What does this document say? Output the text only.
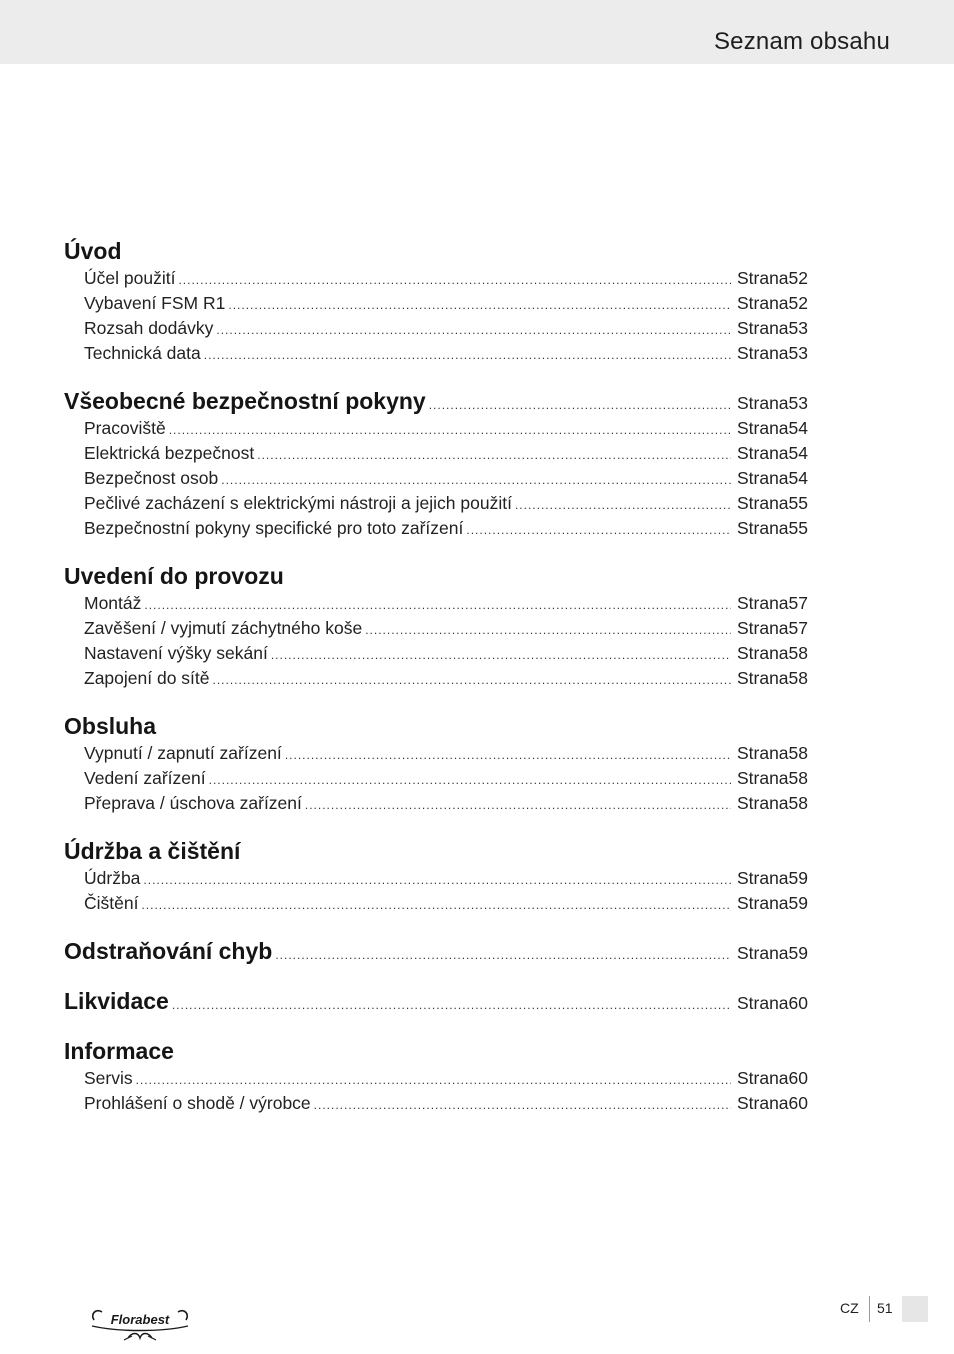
Seznam obsahu
Úvod
Účel použití .....	Strana 52
Vybavení FSM R1 .....	Strana 52
Rozsah dodávky .....	Strana 53
Technická data .....	Strana 53
Všeobecné bezpečnostní pokyny .....	Strana 53
Pracoviště .....	Strana 54
Elektrická bezpečnost .....	Strana 54
Bezpečnost osob .....	Strana 54
Pečlivé zacházení s elektrickými nástroji a jejich použití .....	Strana 55
Bezpečnostní pokyny specifické pro toto zařízení .....	Strana 55
Uvedení do provozu
Montáž .....	Strana 57
Zavěšení / vyjmutí záchytného koše .....	Strana 57
Nastavení výšky sekání .....	Strana 58
Zapojení do sítě .....	Strana 58
Obsluha
Vypnutí / zapnutí zařízení .....	Strana 58
Vedení zařízení .....	Strana 58
Přeprava / úschova zařízení .....	Strana 58
Údržba a čištění
Údržba .....	Strana 59
Čištění .....	Strana 59
Odstraňování chyb .....	Strana 59
Likvidace .....	Strana 60
Informace
Servis .....	Strana 60
Prohlášení o shodě / výrobce .....	Strana 60
Florabest
CZ 51
